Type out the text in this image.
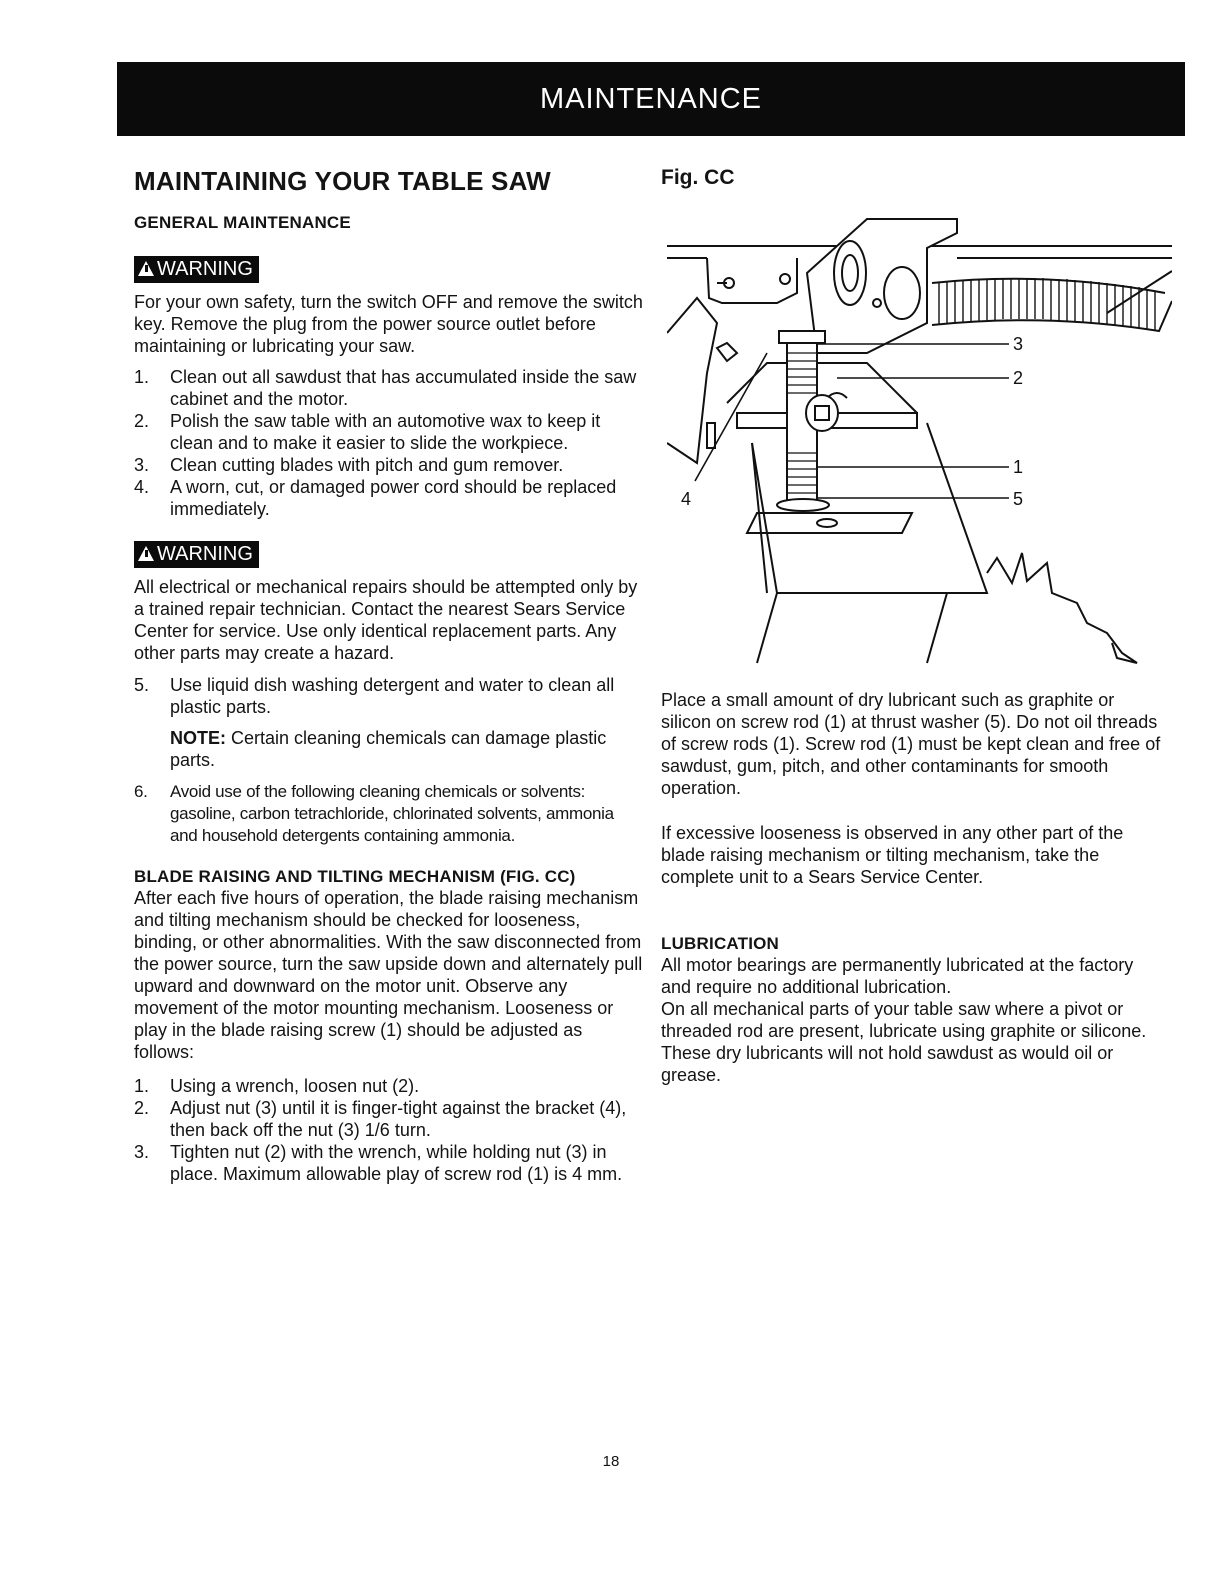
MAINTENANCE
MAINTAINING YOUR TABLE SAW
GENERAL MAINTENANCE
WARNING

For your own safety, turn the switch OFF and remove the switch key. Remove the plug from the power source outlet before maintaining or lubricating your saw.

1. Clean out all sawdust that has accumulated inside the saw cabinet and the motor.
2. Polish the saw table with an automotive wax to keep it clean and to make it easier to slide the workpiece.
3. Clean cutting blades with pitch and gum remover.
4. A worn, cut, or damaged power cord should be replaced immediately.
WARNING

All electrical or mechanical repairs should be attempted only by a trained repair technician. Contact the nearest Sears Service Center for service. Use only identical replacement parts. Any other parts may create a hazard.

5. Use liquid dish washing detergent and water to clean all plastic parts.
NOTE: Certain cleaning chemicals can damage plastic parts.
6. Avoid use of the following cleaning chemicals or solvents: gasoline, carbon tetrachloride, chlorinated solvents, ammonia and household detergents containing ammonia.
BLADE RAISING AND TILTING MECHANISM (FIG. CC)

After each five hours of operation, the blade raising mechanism and tilting mechanism should be checked for looseness, binding, or other abnormalities. With the saw disconnected from the power source, turn the saw upside down and alternately pull upward and downward on the motor unit. Observe any movement of the motor mounting mechanism. Looseness or play in the blade raising screw (1) should be adjusted as follows:

1. Using a wrench, loosen nut (2).
2. Adjust nut (3) until it is finger-tight against the bracket (4), then back off the nut (3) 1/6 turn.
3. Tighten nut (2) with the wrench, while holding nut (3) in place. Maximum allowable play of screw rod (1) is 4 mm.
Fig. CC
3
2
1
5
4

Place a small amount of dry lubricant such as graphite or silicon on screw rod (1) at thrust washer (5). Do not oil threads of screw rods (1). Screw rod (1) must be kept clean and free of sawdust, gum, pitch, and other contaminants for smooth operation.

If excessive looseness is observed in any other part of the blade raising mechanism or tilting mechanism, take the complete unit to a Sears Service Center.

LUBRICATION

All motor bearings are permanently lubricated at the factory and require no additional lubrication.

On all mechanical parts of your table saw where a pivot or threaded rod are present, lubricate using graphite or silicone. These dry lubricants will not hold sawdust as would oil or grease.

18
